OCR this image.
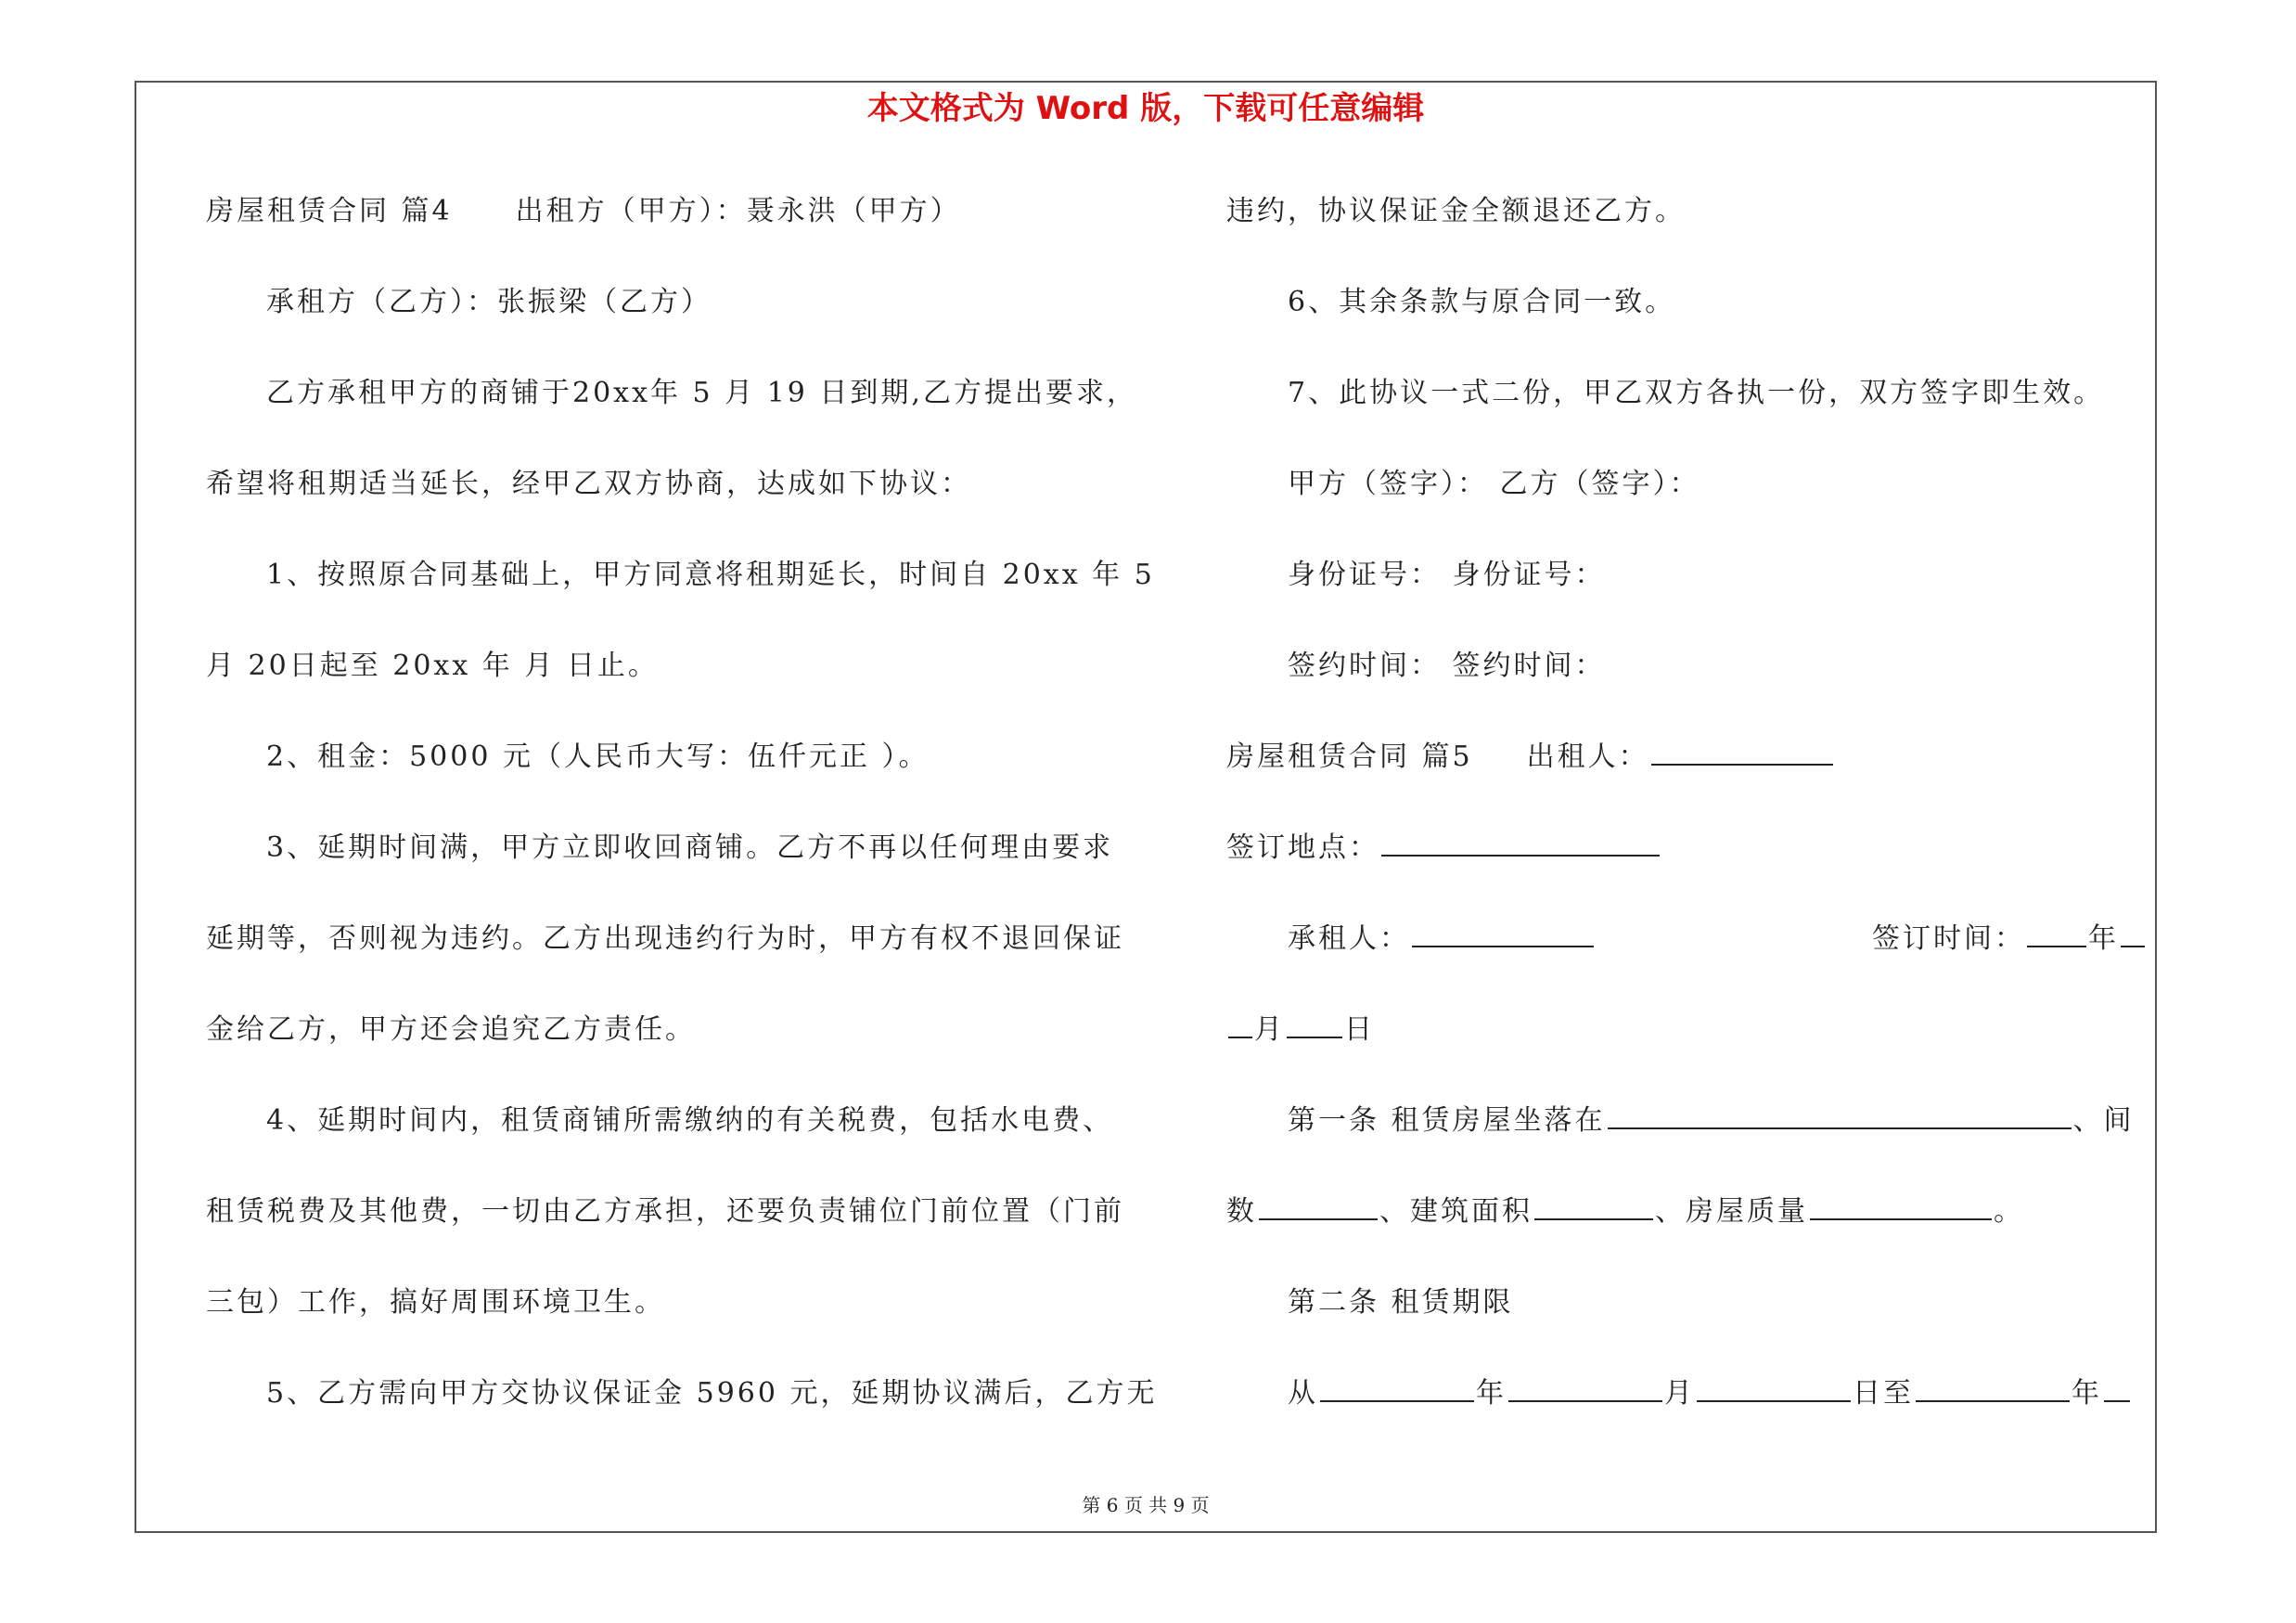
本文格式为 Word 版，下载可任意编辑
房屋租赁合同 篇4 出租方（甲方）：聂永洪（甲方）
承租方（乙方）：张振梁（乙方）
乙方承租甲方的商铺于20xx年 5 月 19 日到期,乙方提出要求，
希望将租期适当延长，经甲乙双方协商，达成如下协议：
1、按照原合同基础上，甲方同意将租期延长，时间自 20xx 年 5
月 20日起至 20xx 年 月 日止。
2、租金：5000 元（人民币大写：伍仟元正 ）。
3、延期时间满，甲方立即收回商铺。乙方不再以任何理由要求
延期等，否则视为违约。乙方出现违约行为时，甲方有权不退回保证
金给乙方，甲方还会追究乙方责任。
4、延期时间内，租赁商铺所需缴纳的有关税费，包括水电费、
租赁税费及其他费，一切由乙方承担，还要负责铺位门前位置（门前
三包）工作，搞好周围环境卫生。
5、乙方需向甲方交协议保证金 5960 元，延期协议满后，乙方无
违约，协议保证金全额退还乙方。
6、其余条款与原合同一致。
7、此协议一式二份，甲乙双方各执一份，双方签字即生效。
甲方（签字）： 乙方（签字）：
身份证号： 身份证号：
签约时间： 签约时间：
房屋租赁合同 篇5 出租人：
签订地点：
承租人：	签订时间： 年
月 日
第一条 租赁房屋坐落在	、间
数	、建筑面积	、房屋质量	。
第二条 租赁期限
从	年	月	日至	年
第 6 页 共 9 页
